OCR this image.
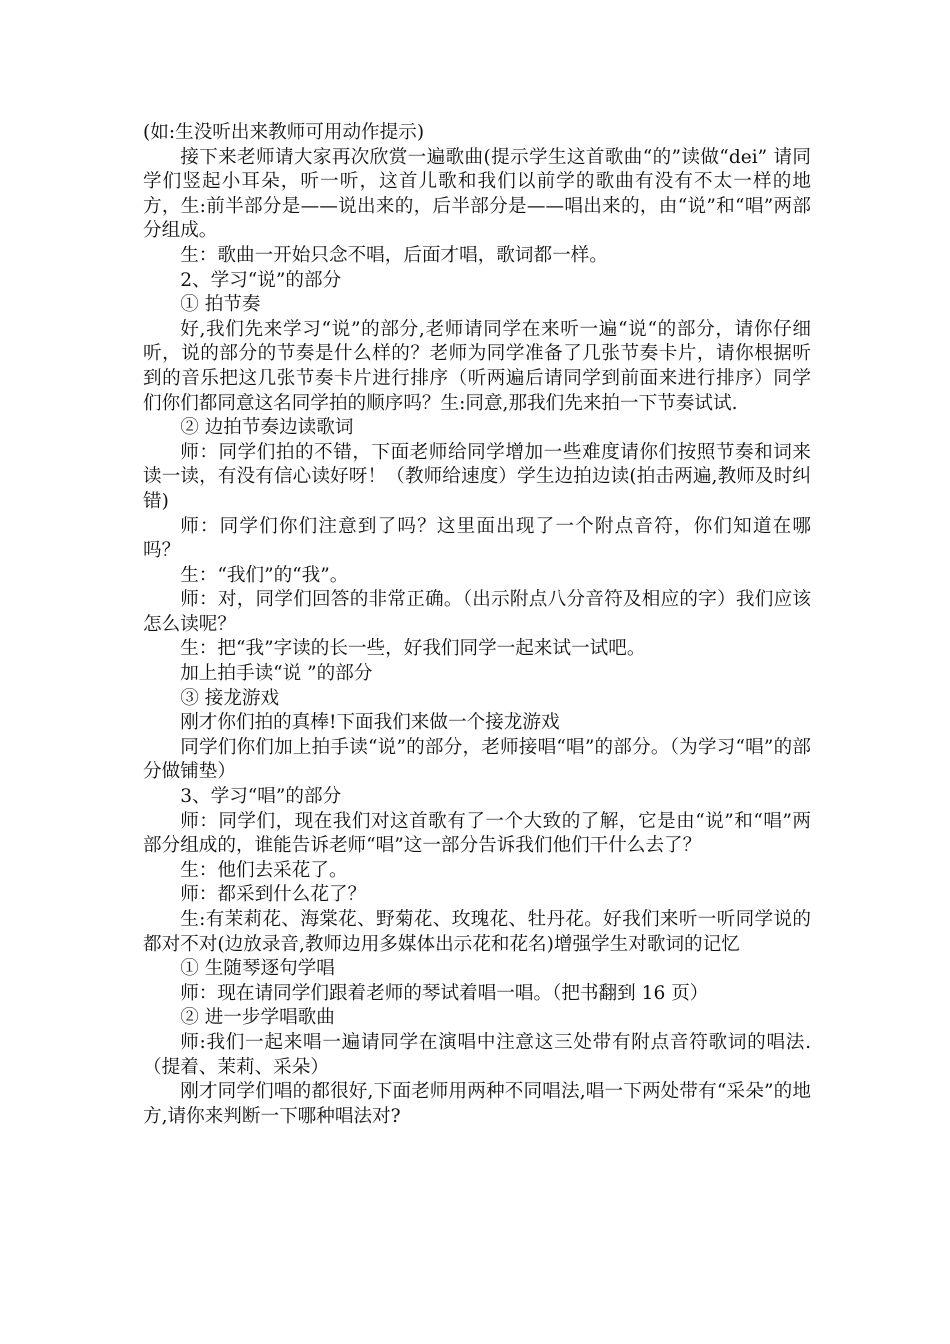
(如:生没听出来教师可用动作提示)

接下来老师请大家再次欣赏一遍歌曲(提示学生这首歌曲“的”读做“dei” 请同学们竖起小耳朵，听一听，这首儿歌和我们以前学的歌曲有没有不太一样的地方，生:前半部分是——说出来的，后半部分是——唱出来的，由“说”和“唱”两部分组成。

生：歌曲一开始只念不唱，后面才唱，歌词都一样。

2、学习“说”的部分

① 拍节奏

好,我们先来学习“说”的部分,老师请同学在来听一遍“说“的部分，请你仔细听，说的部分的节奏是什么样的？老师为同学准备了几张节奏卡片，请你根据听到的音乐把这几张节奏卡片进行排序（听两遍后请同学到前面来进行排序）同学们你们都同意这名同学拍的顺序吗？生:同意,那我们先来拍一下节奏试试.

② 边拍节奏边读歌词

师：同学们拍的不错，下面老师给同学增加一些难度请你们按照节奏和词来读一读，有没有信心读好呀！（教师给速度）学生边拍边读(拍击两遍,教师及时纠错)

师：同学们你们注意到了吗？这里面出现了一个附点音符，你们知道在哪吗？

生：“我们”的“我”。

师：对，同学们回答的非常正确。（出示附点八分音符及相应的字）我们应该怎么读呢？

生：把“我”字读的长一些，好我们同学一起来试一试吧。

加上拍手读“说 ”的部分

③ 接龙游戏

刚才你们拍的真棒!下面我们来做一个接龙游戏

同学们你们加上拍手读“说”的部分，老师接唱“唱”的部分。（为学习“唱”的部分做铺垫）

3、学习“唱”的部分

师：同学们，现在我们对这首歌有了一个大致的了解，它是由“说”和“唱”两部分组成的，谁能告诉老师“唱”这一部分告诉我们他们干什么去了？

生：他们去采花了。

师：都采到什么花了？

生:有茉莉花、海棠花、野菊花、玫瑰花、牡丹花。好我们来听一听同学说的都对不对(边放录音,教师边用多媒体出示花和花名)增强学生对歌词的记忆

① 生随琴逐句学唱

师：现在请同学们跟着老师的琴试着唱一唱。（把书翻到 16 页）

② 进一步学唱歌曲

师:我们一起来唱一遍请同学在演唱中注意这三处带有附点音符歌词的唱法.（提着、茉莉、采朵）

刚才同学们唱的都很好,下面老师用两种不同唱法,唱一下两处带有“采朵”的地方,请你来判断一下哪种唱法对?
